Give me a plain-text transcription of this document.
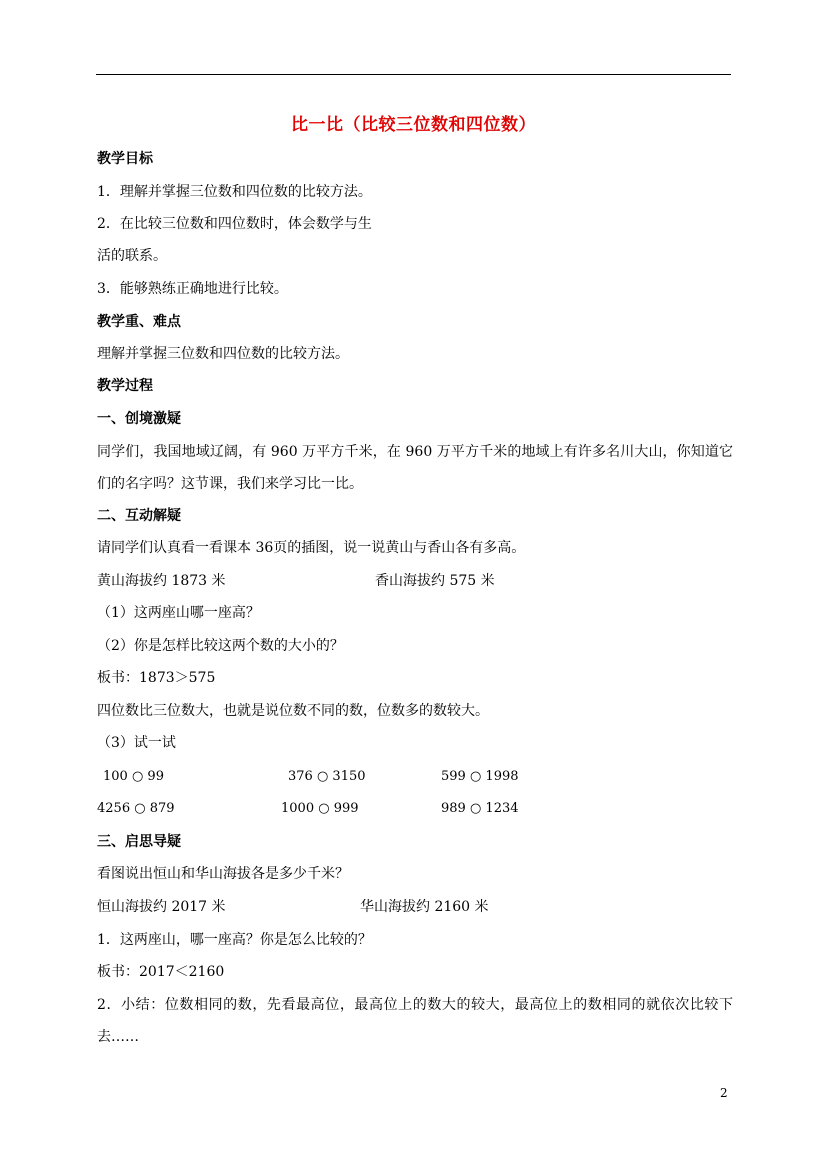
比一比（比较三位数和四位数）
教学目标
1．理解并掌握三位数和四位数的比较方法。
2．在比较三位数和四位数时，体会数学与生
活的联系。
3．能够熟练正确地进行比较。
教学重、难点
理解并掌握三位数和四位数的比较方法。
教学过程
一、创境激疑
同学们，我国地域辽阔，有 960 万平方千米，在 960 万平方千米的地域上有许多名川大山，你知道它们的名字吗？这节课，我们来学习比一比。
二、互动解疑
请同学们认真看一看课本 36页的插图，说一说黄山与香山各有多高。
黄山海拔约 1873 米	香山海拔约 575 米
（1）这两座山哪一座高？
（2）你是怎样比较这两个数的大小的？
板书：1873＞575
四位数比三位数大，也就是说位数不同的数，位数多的数较大。
（3）试一试
100 ○ 99	376 ○ 3150	599 ○ 1998
4256 ○ 879	1000 ○ 999	989 ○ 1234
三、启思导疑
看图说出恒山和华山海拔各是多少千米？
恒山海拔约 2017 米	华山海拔约 2160 米
1．这两座山，哪一座高？你是怎么比较的？
板书：2017＜2160
2．小结：位数相同的数，先看最高位，最高位上的数大的较大，最高位上的数相同的就依次比较下去……
2
